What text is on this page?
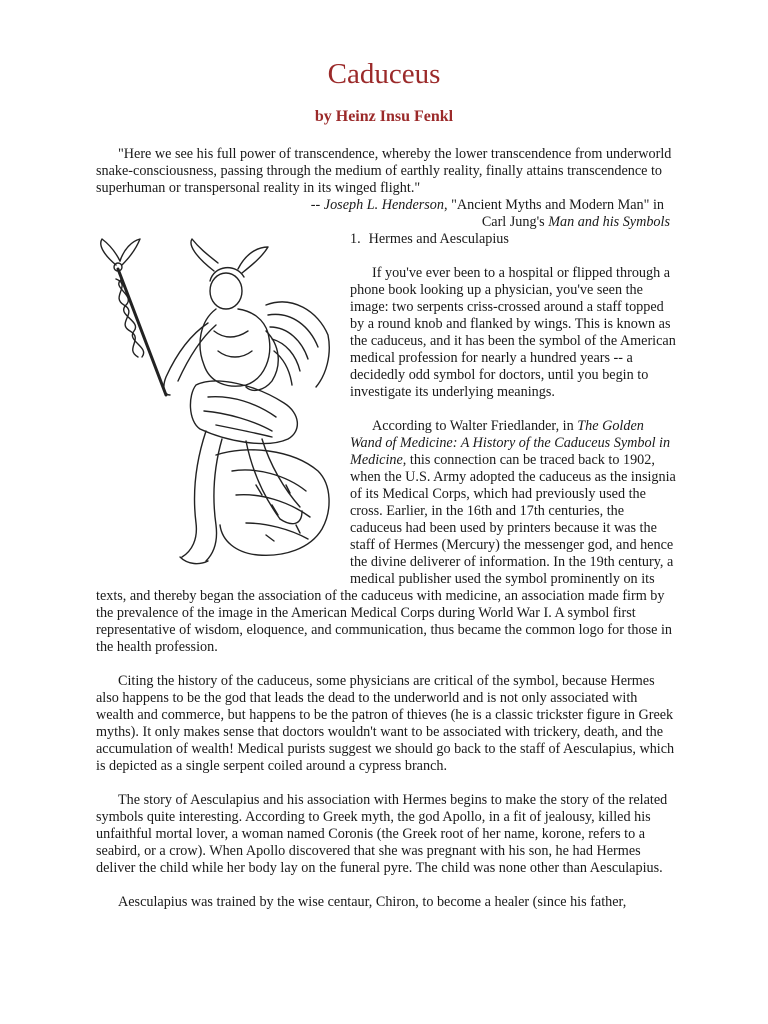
Caduceus
by Heinz Insu Fenkl

"Here we see his full power of transcendence, whereby the lower transcendence from underworld snake-consciousness, passing through the medium of earthly reality, finally attains transcendence to superhuman or transpersonal reality in its winged flight."

-- Joseph L. Henderson, "Ancient Myths and Modern Man" in
Carl Jung's Man and his Symbols

1. Hermes and Aesculapius

If you've ever been to a hospital or flipped through a phone book looking up a physician, you've seen the image: two serpents criss-crossed around a staff topped by a round knob and flanked by wings. This is known as the caduceus, and it has been the symbol of the American medical profession for nearly a hundred years -- a decidedly odd symbol for doctors, until you begin to investigate its underlying meanings.

According to Walter Friedlander, in The Golden Wand of Medicine: A History of the Caduceus Symbol in Medicine, this connection can be traced back to 1902, when the U.S. Army adopted the caduceus as the insignia of its Medical Corps, which had previously used the cross. Earlier, in the 16th and 17th centuries, the caduceus had been used by printers because it was the staff of Hermes (Mercury) the messenger god, and hence the divine deliverer of information. In the 19th century, a medical publisher used the symbol prominently on its texts, and thereby began the association of the caduceus with medicine, an association made firm by the prevalence of the image in the American Medical Corps during World War I. A symbol first representative of wisdom, eloquence, and communication, thus became the common logo for those in the health profession.

Citing the history of the caduceus, some physicians are critical of the symbol, because Hermes also happens to be the god that leads the dead to the underworld and is not only associated with wealth and commerce, but happens to be the patron of thieves (he is a classic trickster figure in Greek myths). It only makes sense that doctors wouldn't want to be associated with trickery, death, and the accumulation of wealth! Medical purists suggest we should go back to the staff of Aesculapius, which is depicted as a single serpent coiled around a cypress branch.

The story of Aesculapius and his association with Hermes begins to make the story of the related symbols quite interesting. According to Greek myth, the god Apollo, in a fit of jealousy, killed his unfaithful mortal lover, a woman named Coronis (the Greek root of her name, korone, refers to a seabird, or a crow). When Apollo discovered that she was pregnant with his son, he had Hermes deliver the child while her body lay on the funeral pyre. The child was none other than Aesculapius.

Aesculapius was trained by the wise centaur, Chiron, to become a healer (since his father,
